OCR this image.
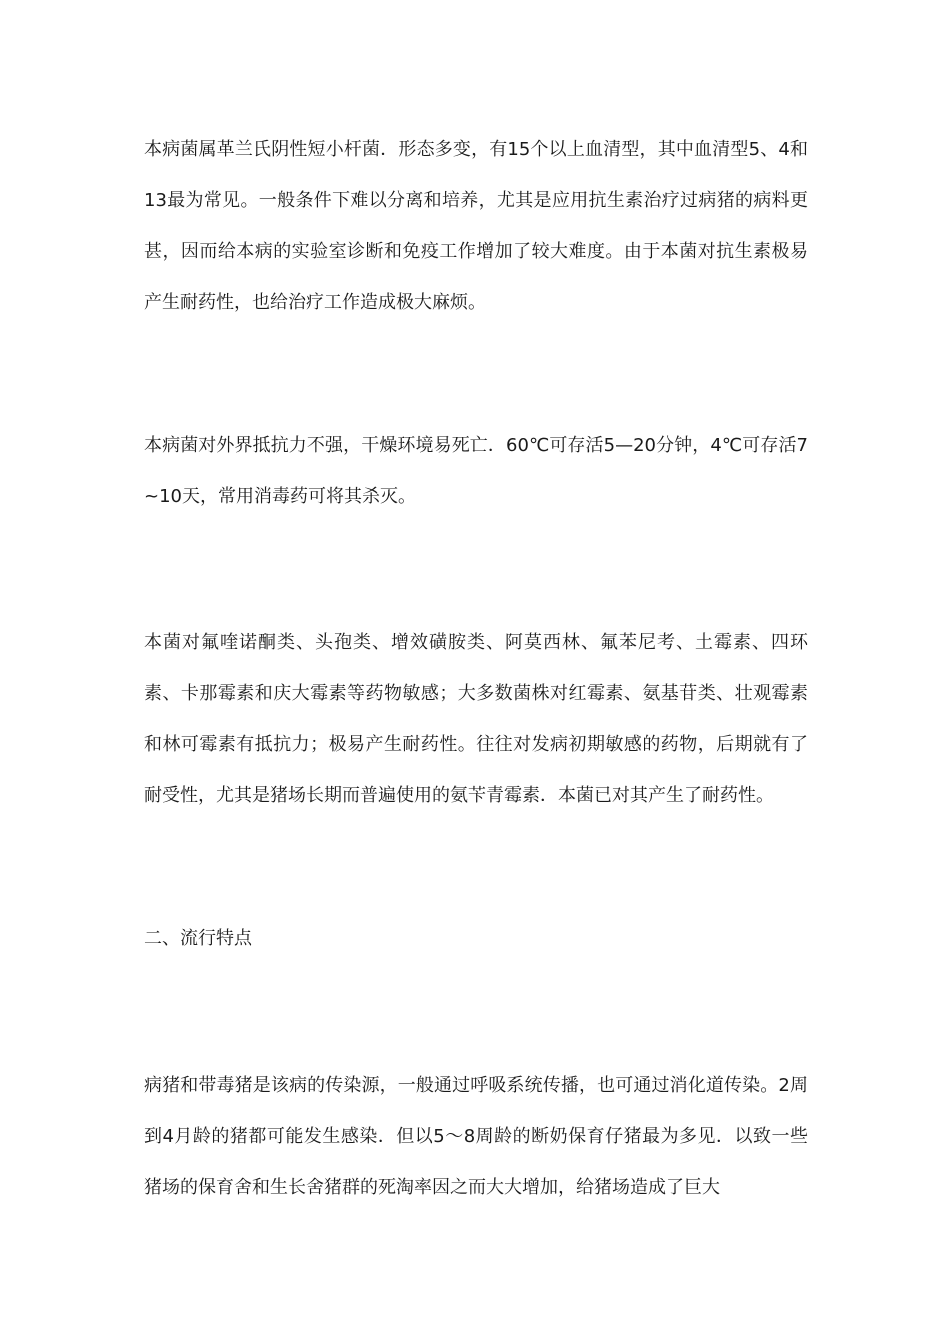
本病菌属革兰氏阴性短小杆菌．形态多变，有15个以上血清型，其中血清型5、4和13最为常见。一般条件下难以分离和培养，尤其是应用抗生素治疗过病猪的病料更甚，因而给本病的实验室诊断和免疫工作增加了较大难度。由于本菌对抗生素极易产生耐药性，也给治疗工作造成极大麻烦。

本病菌对外界抵抗力不强，干燥环境易死亡．60℃可存活5—20分钟，4℃可存活7~10天，常用消毒药可将其杀灭。

本菌对氟喹诺酮类、头孢类、增效磺胺类、阿莫西林、氟苯尼考、土霉素、四环素、卡那霉素和庆大霉素等药物敏感；大多数菌株对红霉素、氨基苷类、壮观霉素和林可霉素有抵抗力；极易产生耐药性。往往对发病初期敏感的药物，后期就有了耐受性，尤其是猪场长期而普遍使用的氨苄青霉素．本菌已对其产生了耐药性。

二、流行特点

病猪和带毒猪是该病的传染源，一般通过呼吸系统传播，也可通过消化道传染。2周到4月龄的猪都可能发生感染．但以5～8周龄的断奶保育仔猪最为多见．以致一些猪场的保育舍和生长舍猪群的死淘率因之而大大增加，给猪场造成了巨大
